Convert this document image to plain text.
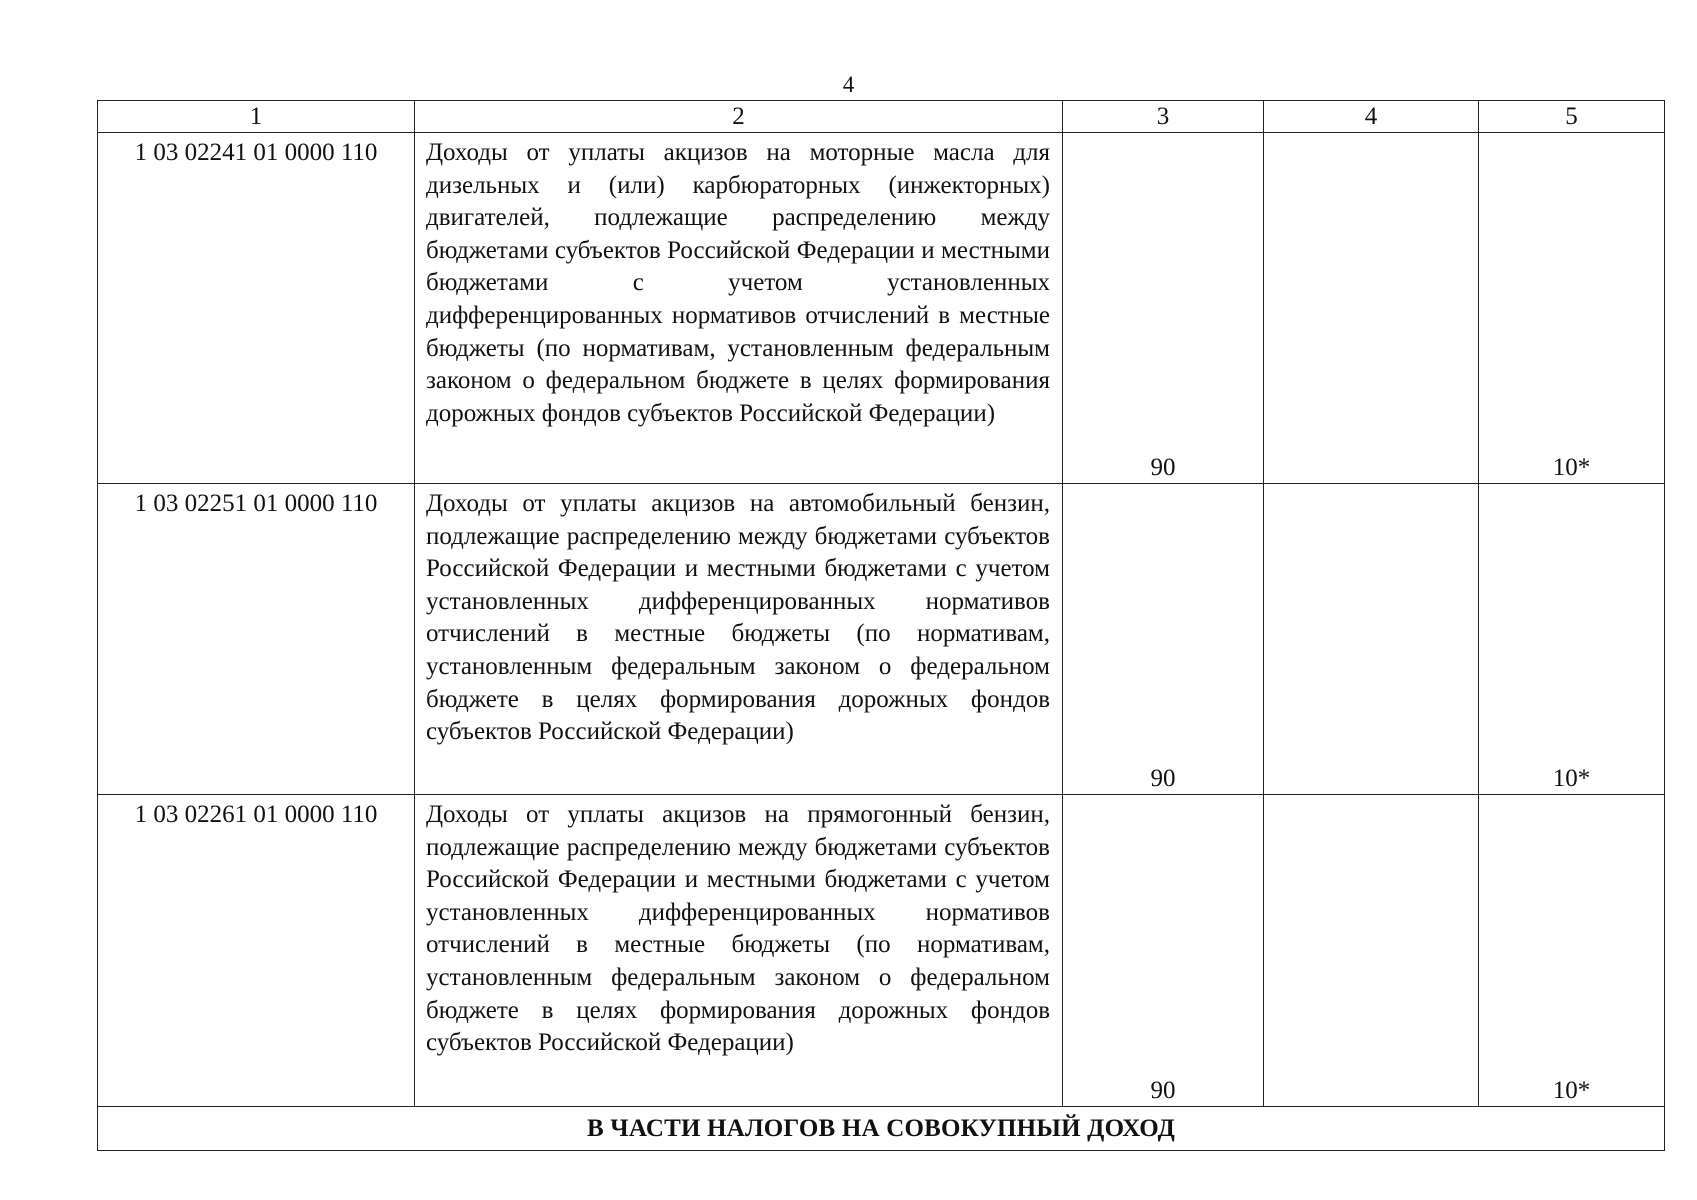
4
1	2	3	4	5
1 03 02241 01 0000 110	Доходы от уплаты акцизов на моторные масла для дизельных и (или) карбюраторных (инжекторных) двигателей, подлежащие распределению между бюджетами субъектов Российской Федерации и местными бюджетами с учетом установленных дифференцированных нормативов отчислений в местные бюджеты (по нормативам, установленным федеральным законом о федеральном бюджете в целях формирования дорожных фондов субъектов Российской Федерации)	90		10*
1 03 02251 01 0000 110	Доходы от уплаты акцизов на автомобильный бензин, подлежащие распределению между бюджетами субъектов Российской Федерации и местными бюджетами с учетом установленных дифференцированных нормативов отчислений в местные бюджеты (по нормативам, установленным федеральным законом о федеральном бюджете в целях формирования дорожных фондов субъектов Российской Федерации)	90		10*
1 03 02261 01 0000 110	Доходы от уплаты акцизов на прямогонный бензин, подлежащие распределению между бюджетами субъектов Российской Федерации и местными бюджетами с учетом установленных дифференцированных нормативов отчислений в местные бюджеты (по нормативам, установленным федеральным законом о федеральном бюджете в целях формирования дорожных фондов субъектов Российской Федерации)	90		10*
В ЧАСТИ НАЛОГОВ НА СОВОКУПНЫЙ ДОХОД				
